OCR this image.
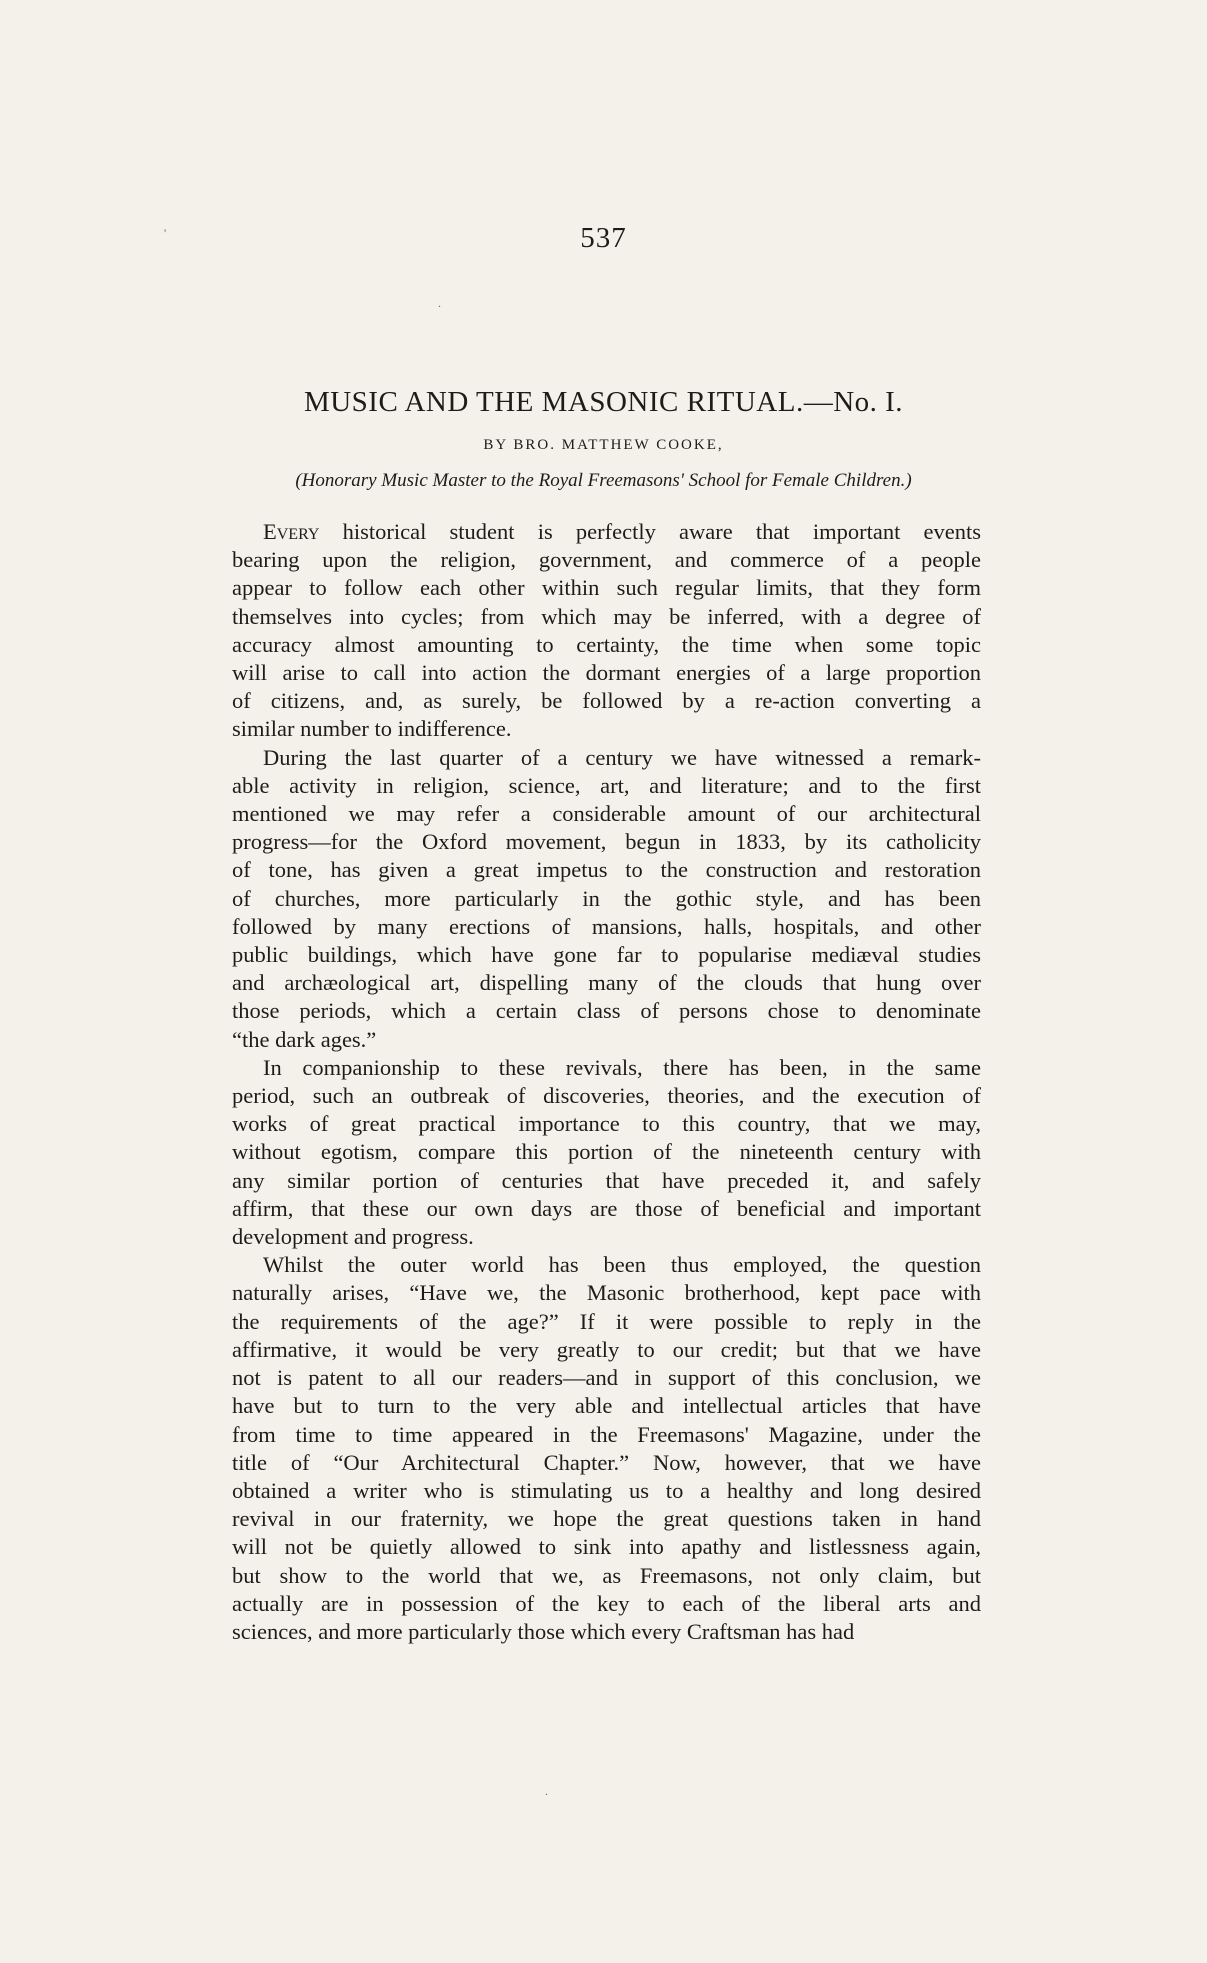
'
.
.
537
MUSIC AND THE MASONIC RITUAL.—No. I.
BY BRO. MATTHEW COOKE,
(Honorary Music Master to the Royal Freemasons' School for Female Children.)
Every historical student is perfectly aware that important events
bearing upon the religion, government, and commerce of a people
appear to follow each other within such regular limits, that they form
themselves into cycles; from which may be inferred, with a degree of
accuracy almost amounting to certainty, the time when some topic
will arise to call into action the dormant energies of a large proportion
of citizens, and, as surely, be followed by a re-action converting a
similar number to indifference.
During the last quarter of a century we have witnessed a remark-
able activity in religion, science, art, and literature; and to the first
mentioned we may refer a considerable amount of our architectural
progress—for the Oxford movement, begun in 1833, by its catholicity
of tone, has given a great impetus to the construction and restoration
of churches, more particularly in the gothic style, and has been
followed by many erections of mansions, halls, hospitals, and other
public buildings, which have gone far to popularise mediæval studies
and archæological art, dispelling many of the clouds that hung over
those periods, which a certain class of persons chose to denominate
“the dark ages.”
In companionship to these revivals, there has been, in the same
period, such an outbreak of discoveries, theories, and the execution of
works of great practical importance to this country, that we may,
without egotism, compare this portion of the nineteenth century with
any similar portion of centuries that have preceded it, and safely
affirm, that these our own days are those of beneficial and important
development and progress.
Whilst the outer world has been thus employed, the question
naturally arises, “Have we, the Masonic brotherhood, kept pace with
the requirements of the age?” If it were possible to reply in the
affirmative, it would be very greatly to our credit; but that we have
not is patent to all our readers—and in support of this conclusion, we
have but to turn to the very able and intellectual articles that have
from time to time appeared in the Freemasons' Magazine, under the
title of “Our Architectural Chapter.” Now, however, that we have
obtained a writer who is stimulating us to a healthy and long desired
revival in our fraternity, we hope the great questions taken in hand
will not be quietly allowed to sink into apathy and listlessness again,
but show to the world that we, as Freemasons, not only claim, but
actually are in possession of the key to each of the liberal arts and
sciences, and more particularly those which every Craftsman has had
